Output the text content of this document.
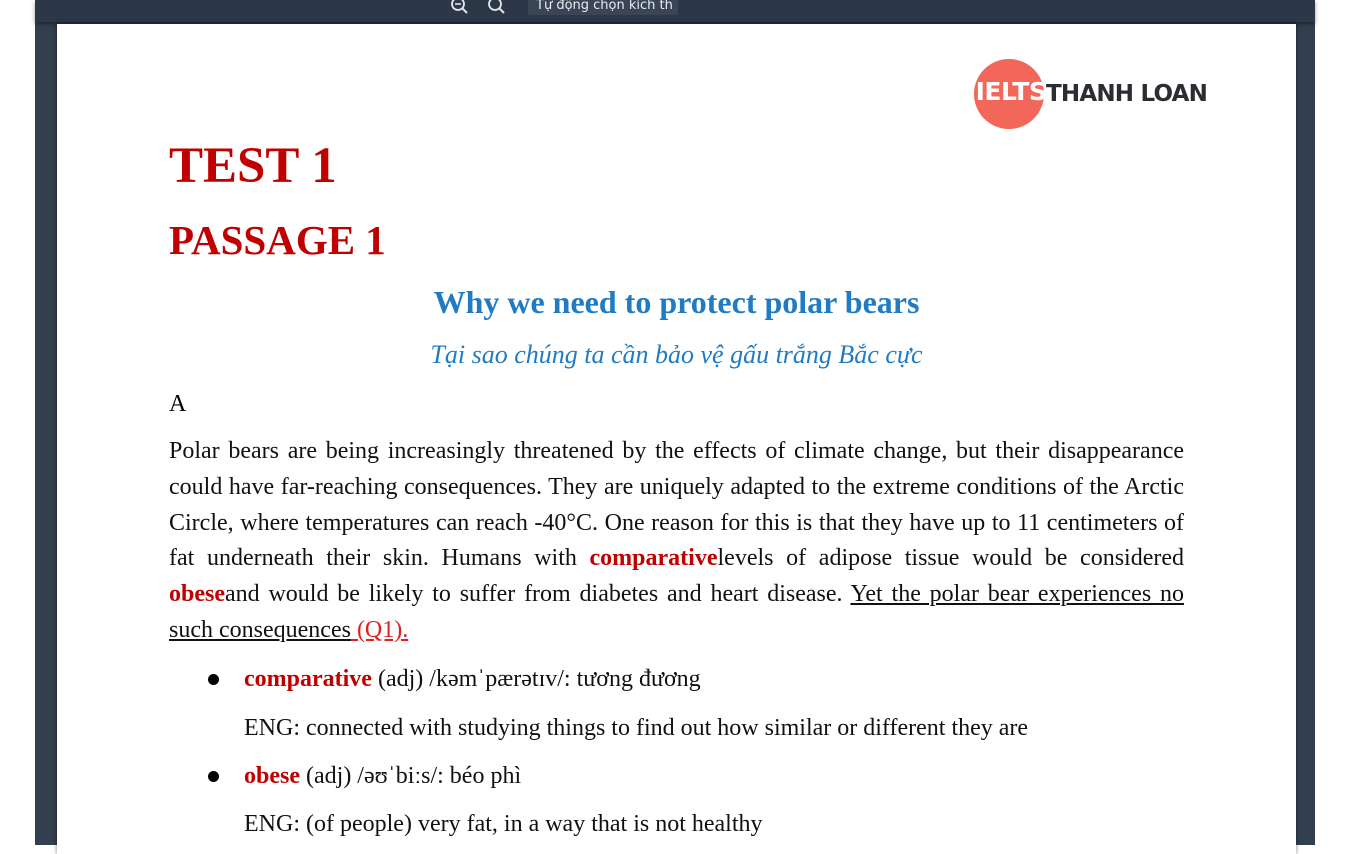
Tự động chọn kích th
IELTS THANH LOAN
TEST 1
PASSAGE 1

Why we need to protect polar bears

Tại sao chúng ta cần bảo vệ gấu trắng Bắc cực

A

Polar bears are being increasingly threatened by the effects of climate change, but their disappearance could have far-reaching consequences. They are uniquely adapted to the extreme conditions of the Arctic Circle, where temperatures can reach -40°C. One reason for this is that they have up to 11 centimeters of fat underneath their skin. Humans with comparativelevels of adipose tissue would be considered obeseand would be likely to suffer from diabetes and heart disease. Yet the polar bear experiences no such consequences (Q1).

comparative (adj) /kəmˈpærətɪv/: tương đương
ENG: connected with studying things to find out how similar or different they are
obese (adj) /əʊˈbiːs/: béo phì
ENG: (of people) very fat, in a way that is not healthy
